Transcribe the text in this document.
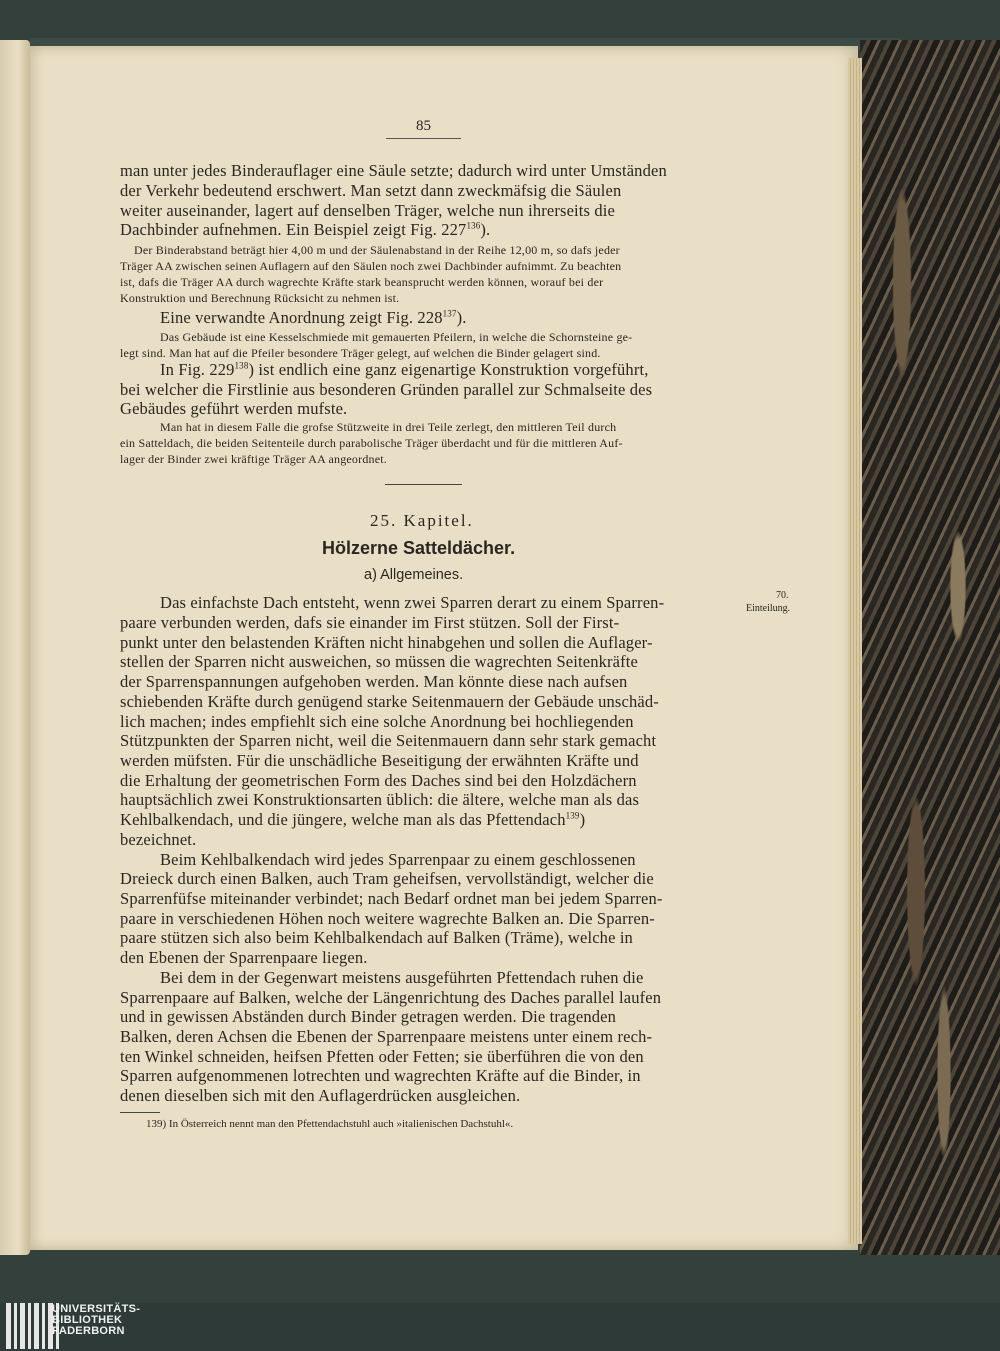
85
man unter jedes Binderauflager eine Säule setzte; dadurch wird unter Umständen
der Verkehr bedeutend erschwert. Man setzt dann zweckmäfsig die Säulen
weiter auseinander, lagert auf denselben Träger, welche nun ihrerseits die
Dachbinder aufnehmen. Ein Beispiel zeigt Fig. $227^{136}$).
Der Binderabstand beträgt hier 4,00 m und der Säulenabstand in der Reihe 12,00 m, so dafs jeder
Träger AA zwischen seinen Auflagern auf den Säulen noch zwei Dachbinder aufnimmt. Zu beachten
ist, dafs die Träger AA durch wagrechte Kräfte stark beansprucht werden können, worauf bei der
Konstruktion und Berechnung Rücksicht zu nehmen ist.
Eine verwandte Anordnung zeigt Fig. $228^{137}$).
Das Gebäude ist eine Kesselschmiede mit gemauerten Pfeilern, in welche die Schornsteine ge-
legt sind. Man hat auf die Pfeiler besondere Träger gelegt, auf welchen die Binder gelagert sind.
In Fig. $229^{138}$) ist endlich eine ganz eigenartige Konstruktion vorgeführt,
bei welcher die Firstlinie aus besonderen Gründen parallel zur Schmalseite des
Gebäudes geführt werden mufste.
Man hat in diesem Falle die grofse Stützweite in drei Teile zerlegt, den mittleren Teil durch
ein Satteldach, die beiden Seitenteile durch parabolische Träger überdacht und für die mittleren Auf-
lager der Binder zwei kräftige Träger AA angeordnet.
25. Kapitel.
Hölzerne Satteldächer.
a) Allgemeines.
70.
Einteilung.
Das einfachste Dach entsteht, wenn zwei Sparren derart zu einem Sparren-
paare verbunden werden, dafs sie einander im First stützen. Soll der First-
punkt unter den belastenden Kräften nicht hinabgehen und sollen die Auflager-
stellen der Sparren nicht ausweichen, so müssen die wagrechten Seitenkräfte
der Sparrenspannungen aufgehoben werden. Man könnte diese nach aufsen
schiebenden Kräfte durch genügend starke Seitenmauern der Gebäude unschäd-
lich machen; indes empfiehlt sich eine solche Anordnung bei hochliegenden
Stützpunkten der Sparren nicht, weil die Seitenmauern dann sehr stark gemacht
werden müfsten. Für die unschädliche Beseitigung der erwähnten Kräfte und
die Erhaltung der geometrischen Form des Daches sind bei den Holzdächern
hauptsächlich zwei Konstruktionsarten üblich: die ältere, welche man als das
Kehlbalkendach, und die jüngere, welche man als das Pfettendach$^{139}$)
bezeichnet.
Beim Kehlbalkendach wird jedes Sparrenpaar zu einem geschlossenen
Dreieck durch einen Balken, auch Tram geheifsen, vervollständigt, welcher die
Sparrenfüfse miteinander verbindet; nach Bedarf ordnet man bei jedem Sparren-
paare in verschiedenen Höhen noch weitere wagrechte Balken an. Die Sparren-
paare stützen sich also beim Kehlbalkendach auf Balken (Träme), welche in
den Ebenen der Sparrenpaare liegen.
Bei dem in der Gegenwart meistens ausgeführten Pfettendach ruhen die
Sparrenpaare auf Balken, welche der Längenrichtung des Daches parallel laufen
und in gewissen Abständen durch Binder getragen werden. Die tragenden
Balken, deren Achsen die Ebenen der Sparrenpaare meistens unter einem rech-
ten Winkel schneiden, heifsen Pfetten oder Fetten; sie überführen die von den
Sparren aufgenommenen lotrechten und wagrechten Kräfte auf die Binder, in
denen dieselben sich mit den Auflagerdrücken ausgleichen.
139) In Österreich nennt man den Pfettendachstuhl auch »italienischen Dachstuhl«.
UNIVERSITÄTS-
BIBLIOTHEK
PADERBORN
